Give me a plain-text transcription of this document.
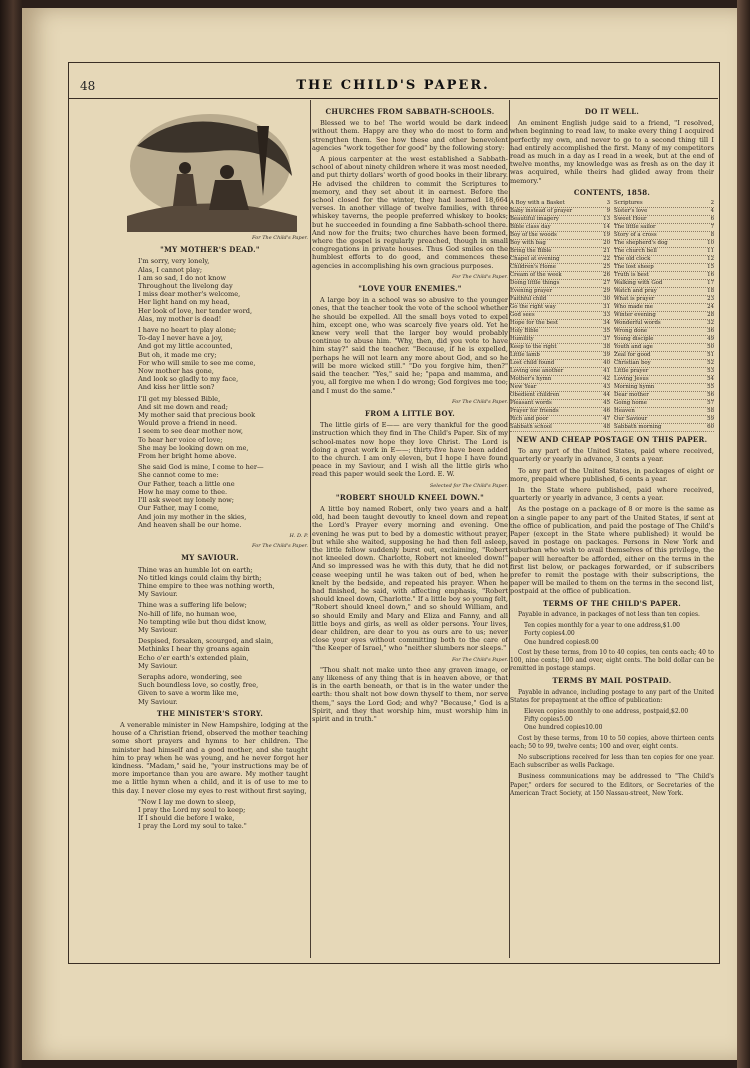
48	THE CHILD'S PAPER.
For The Child's Paper.
"MY MOTHER'S DEAD."
I'm sorry, very lonely,
Alas, I cannot play;
I am so sad, I do not know
Throughout the livelong day
I miss dear mother's welcome,
Her light hand on my head,
Her look of love, her tender word,
Alas, my mother is dead!
I have no heart to play alone;
To-day I never have a joy,
And got my little accounted,
But oh, it made me cry;
For who will smile to see me come,
Now mother has gone,
And look so gladly to my face,
And kiss her little son?
I'll get my blessed Bible,
And sit me down and read;
My mother said that precious book
Would prove a friend in need.
I seem to see dear mother now,
To hear her voice of love;
She may be looking down on me,
From her bright home above.
She said God is mine, I come to her—
She cannot come to me:
Our Father, teach a little one
How he may come to thee.
I'll ask sweet my lonely now;
Our Father, may I come,
And join my mother in the skies,
And heaven shall be our home.
H. D. P.
For The Child's Paper.
MY SAVIOUR.
Thine was an humble lot on earth;
No titled kings could claim thy birth;
Thine empire to thee was nothing worth,
My Saviour.
Thine was a suffering life below;
No-hill of life, no human woe,
No tempting wile but thou didst know,
My Saviour.
Despised, forsaken, scourged, and slain,
Methinks I hear thy groans again
Echo o'er earth's extended plain,
My Saviour.
Seraphs adore, wondering, see
Such boundless love, so costly, free,
Given to save a worm like me,
My Saviour.
THE MINISTER'S STORY.

A venerable minister in New Hampshire, lodging at the house of a Christian friend, observed the mother teaching some short prayers and hymns to her children. The minister had himself and a good mother, and she taught him to pray when he was young, and he never forgot her kindness. "Madam," said he, "your instructions may be of more importance than you are aware. My mother taught me a little hymn when a child, and it is of use to me to this day. I never close my eyes to rest without first saying,

"Now I lay me down to sleep,
I pray the Lord my soul to keep;
If I should die before I wake,
I pray the Lord my soul to take."
CHURCHES FROM SABBATH-SCHOOLS.

Blessed we to be! The world would be dark indeed without them. Happy are they who do most to form and strengthen them. See how these and other benevolent agencies "work together for good" by the following story:

A pious carpenter at the west established a Sabbath-school of about ninety children where it was most needed, and put thirty dollars' worth of good books in their library. He advised the children to commit the Scriptures to memory, and they set about it in earnest. Before the school closed for the winter, they had learned 18,664 verses. In another village of twelve families, with three whiskey taverns, the people preferred whiskey to books; but he succeeded in founding a fine Sabbath-school there. And now for the fruits; two churches have been formed, where the gospel is regularly preached, though in small congregations in private houses. Thus God smiles on the humblest efforts to do good, and commences these agencies in accomplishing his own gracious purposes.

For The Child's Paper.
"LOVE YOUR ENEMIES."

A large boy in a school was so abusive to the younger ones, that the teacher took the vote of the school whether he should be expelled. All the small boys voted to expel him, except one, who was scarcely five years old. Yet he knew very well that the larger boy would probably continue to abuse him. "Why, then, did you vote to have him stay?" said the teacher. "Because, if he is expelled, perhaps he will not learn any more about God, and so he will be more wicked still." "Do you forgive him, then?" said the teacher. "Yes," said he; "papa and mamma, and you, all forgive me when I do wrong; God forgives me too; and I must do the same."

For The Child's Paper.
FROM A LITTLE BOY.

The little girls of E—— are very thankful for the good instruction which they find in The Child's Paper. Six of my school-mates now hope they love Christ. The Lord is doing a great work in E——; thirty-five have been added to the church. I am only eleven, but I hope I have found peace in my Saviour, and I wish all the little girls who read this paper would seek the Lord. E. W.

Selected for The Child's Paper.
"ROBERT SHOULD KNEEL DOWN."

A little boy named Robert, only two years and a half old, had been taught devoutly to kneel down and repeat the Lord's Prayer every morning and evening. One evening he was put to bed by a domestic without prayer, but while she waited, supposing he had then fell asleep, the little fellow suddenly burst out, exclaiming, "Robert not kneeled down. Charlotte, Robert not kneeled down!" And so impressed was he with this duty, that he did not cease weeping until he was taken out of bed, when he knelt by the bedside, and repeated his prayer. When he had finished, he said, with affecting emphasis, "Robert should kneel down, Charlotte." If a little boy so young felt, "Robert should kneel down," and so should William, and so should Emily and Mary and Eliza and Fanny, and all little boys and girls, as well as older persons. Your lives, dear children, are dear to you as ours are to us; never close your eyes without committing both to the care of "the Keeper of Israel," who "neither slumbers nor sleeps."

For The Child's Paper.

"Thou shalt not make unto thee any graven image, or any likeness of any thing that is in heaven above, or that is in the earth beneath, or that is in the water under the earth: thou shalt not bow down thyself to them, nor serve them," says the Lord God; and why? "Because," God is a Spirit, and they that worship him, must worship him in spirit and in truth."

DO IT WELL.

An eminent English judge said to a friend, "I resolved, when beginning to read law, to make every thing I acquired perfectly my own, and never to go to a second thing till I had entirely accomplished the first. Many of my competitors read as much in a day as I read in a week, but at the end of twelve months, my knowledge was as fresh as on the day it was acquired, while theirs had glided away from their memory."

CONTENTS, 1858.
A Boy with a Basket	3
Baby instead of prayer	9
Beautiful imagery	13
Bible class day	14
Boy of the woods	19
Boy with bag	20
Bring the Bible	21
Chapel at evening	22
Children's Home	25
Cream of the week	26
Doing little things	27
Evening prayer	29
Faithful child	30
Go the right way	31
God sees	33
Hope for the best	34
Holy Bible	35
Humility	37
Keep to the right	38
Little lamb	39
Lost child found	40
Loving one another	41
Mother's hymn	42
New Year	43
Obedient children	44
Pleasant words	45
Prayer for friends	46
Rich and poor	47
Sabbath school	48
Scriptures	2
Sister's love	4
Sweet Hour	6
The little sailor	7
Story of a cross	8
The shepherd's dog	10
The church bell	11
The old clock	12
The lost sheep	15
Truth is best	16
Walking with God	17
Watch and pray	18
What is prayer	23
Who made me	24
Winter evening	28
Wonderful words	32
Wrong done	36
Young disciple	49
Youth and age	50
Zeal for good	51
Christian boy	52
Little prayer	53
Loving Jesus	54
Morning hymn	55
Dear mother	56
Going home	57
Heaven	58
Our Saviour	59
Sabbath morning	60
NEW AND CHEAP POSTAGE ON THIS PAPER.

To any part of the United States, paid where received, quarterly or yearly in advance, 3 cents a year.

To any part of the United States, in packages of eight or more, prepaid where published, 6 cents a year.

In the State where published, paid where received, quarterly or yearly in advance, 3 cents a year.

As the postage on a package of 8 or more is the same as on a single paper to any part of the United States, if sent at the office of publication, and paid the postage of The Child's Paper (except in the State where published) it would be saved in postage on packages. Persons in New York and suburban who wish to avail themselves of this privilege, the paper will hereafter be afforded, either on the terms in the first list below, or packages forwarded, or if subscribers prefer to remit the postage with their subscriptions, the paper will be mailed to them on the terms in the second list, postpaid at the office of publication.

TERMS OF THE CHILD'S PAPER.

Payable in advance, in packages of not less than ten copies.

Ten copies monthly for a year to one address,$1.00
Forty copies4.00
One hundred copies8.00

Cost by these terms, from 10 to 40 copies, ten cents each; 40 to 100, nine cents; 100 and over, eight cents. The bold dollar can be remitted in postage stamps.

TERMS BY MAIL POSTPAID.

Payable in advance, including postage to any part of the United States for prepayment at the office of publication:

Eleven copies monthly to one address, postpaid,$2.00
Fifty copies5.00
One hundred copies10.00

Cost by these terms, from 10 to 50 copies, above thirteen cents each; 50 to 99, twelve cents; 100 and over, eight cents.

No subscriptions received for less than ten copies for one year. Each subscriber as wells Package.

Business communications may be addressed to "The Child's Paper," orders for secured to the Editors, or Secretaries of the American Tract Society, at 150 Nassau-street, New York.
